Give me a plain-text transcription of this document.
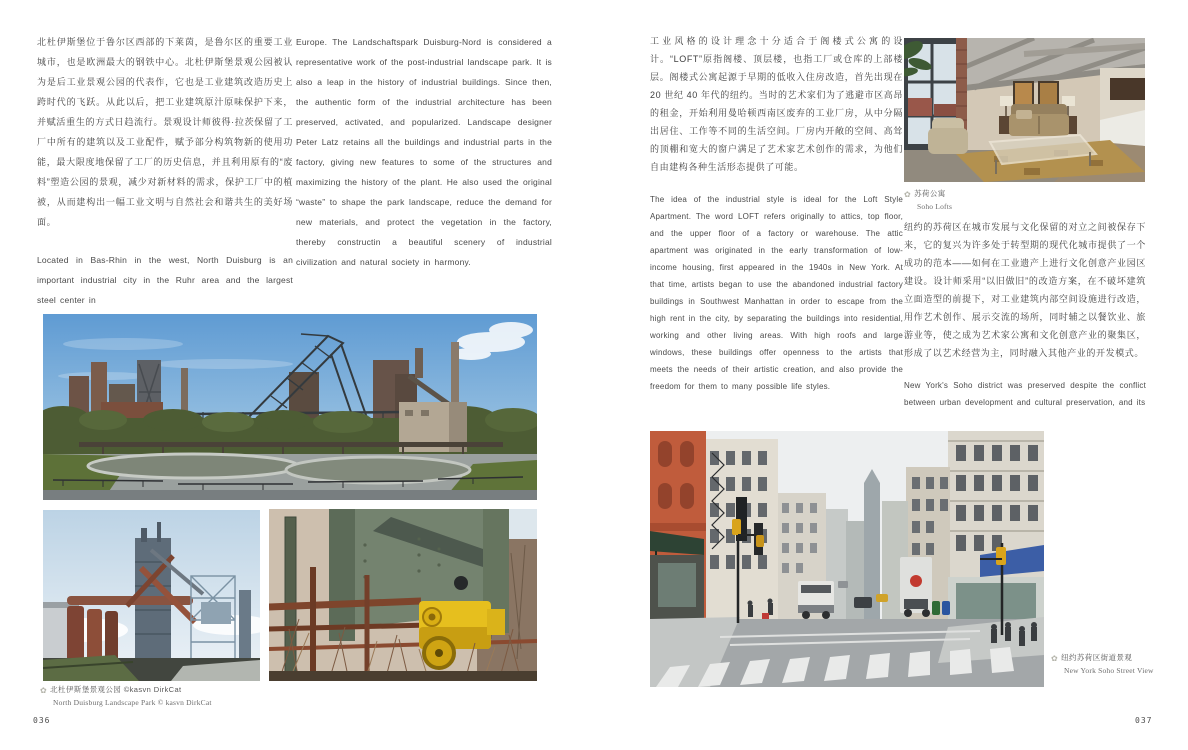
北杜伊斯堡位于鲁尔区西部的下莱茵，是鲁尔区的重要工业城市，也是欧洲最大的钢铁中心。北杜伊斯堡景观公园被认为是后工业景观公园的代表作，它也是工业建筑改造历史上跨时代的飞跃。从此以后，把工业建筑原汁原味保护下来，并赋活重生的方式日趋流行。景观设计师彼得·拉茨保留了工厂中所有的建筑以及工业配件，赋予部分构筑物新的使用功能，最大限度地保留了工厂的历史信息，并且利用原有的“废料”塑造公园的景观，减少对新材料的需求，保护工厂中的植被，从而建构出一幅工业文明与自然社会和谐共生的美好场面。

Located in Bas-Rhin in the west, North Duisburg is an important industrial city in the Ruhr area and the largest steel center in

Europe. The Landschaftspark Duisburg-Nord is considered a representative work of the post-industrial landscape park. It is also a leap in the history of industrial buildings. Since then, the authentic form of the industrial architecture has been preserved, activated, and popularized. Landscape designer Peter Latz retains all the buildings and industrial parts in the factory, giving new features to some of the structures and maximizing the history of the plant. He also used the original “waste” to shape the park landscape, reduce the demand for new materials, and protect the vegetation in the factory, thereby constructin a beautiful scenery of industrial civilization and natural society in harmony.

✿ 北杜伊斯堡景观公园 ©kasvn DirkCat
North Duisburg Landscape Park © kasvn DirkCat
036

工业风格的设计理念十分适合于阁楼式公寓的设计。“LOFT”原指阁楼、顶层楼，也指工厂或仓库的上部楼层。阁楼式公寓起源于早期的低收入住房改造，首先出现在 20 世纪 40 年代的纽约。当时的艺术家们为了逃避市区高昂的租金，开始利用曼哈顿西南区废弃的工业厂房，从中分隔出居住、工作等不同的生活空间。厂房内开敞的空间、高耸的顶棚和宽大的窗户满足了艺术家艺术创作的需求，为他们自由建构各种生活形态提供了可能。

The idea of the industrial style is ideal for the Loft Style Apartment. The word LOFT refers originally to attics, top floor, and the upper floor of a factory or warehouse. The attic apartment was originated in the early transformation of low-income housing, first appeared in the 1940s in New York. At that time, artists began to use the abandoned industrial factory buildings in Southwest Manhattan in order to escape from the high rent in the city, by separating the buildings into residential, working and other living areas. With high roofs and large windows, these buildings offer openness to the artists that meets the needs of their artistic creation, and also provide the freedom for them to many possible life styles.

✿ 苏荷公寓
Soho Lofts

纽约的苏荷区在城市发展与文化保留的对立之间被保存下来，它的复兴为许多处于转型期的现代化城市提供了一个成功的范本——如何在工业遗产上进行文化创意产业园区建设。设计师采用“以旧做旧”的改造方案，在不破坏建筑立面造型的前提下，对工业建筑内部空间设施进行改造，用作艺术创作、展示交流的场所，同时辅之以餐饮业、旅游业等，使之成为艺术家公寓和文化创意产业的聚集区，形成了以艺术经营为主，同时融入其他产业的开发模式。

New York's Soho district was preserved despite the conflict between urban development and cultural preservation, and its

✿ 纽约苏荷区街道景观
New York Soho Street View
037
